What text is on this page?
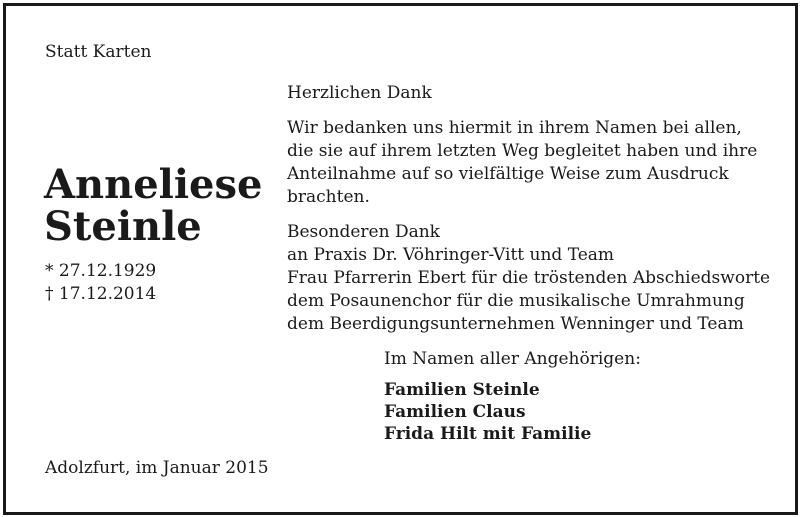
Statt Karten
Anneliese
Steinle
* 27.12.1929
† 17.12.2014
Herzlichen Dank
Wir bedanken uns hiermit in ihrem Namen bei allen,
die sie auf ihrem letzten Weg begleitet haben und ihre
Anteilnahme auf so vielfältige Weise zum Ausdruck
brachten.
Besonderen Dank
an Praxis Dr. Vöhringer-Vitt und Team
Frau Pfarrerin Ebert für die tröstenden Abschiedsworte
dem Posaunenchor für die musikalische Umrahmung
dem Beerdigungsunternehmen Wenninger und Team
Im Namen aller Angehörigen:
Familien Steinle
Familien Claus
Frida Hilt mit Familie
Adolzfurt, im Januar 2015
